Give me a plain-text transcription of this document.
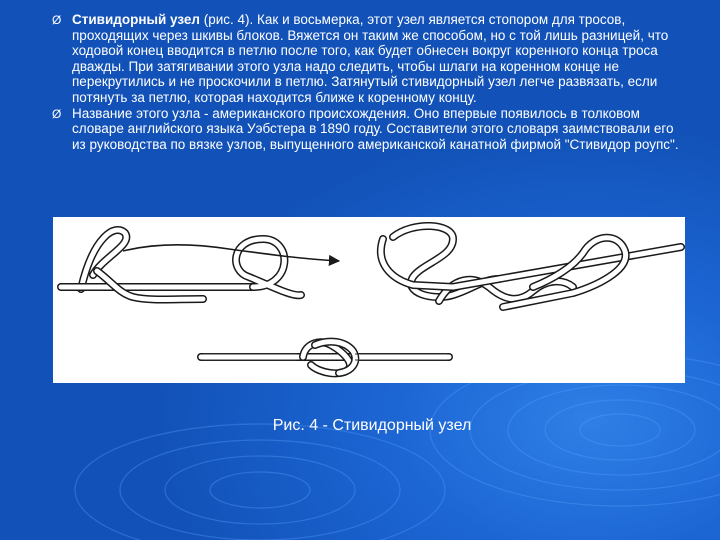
Ø Стивидорный узел (рис. 4). Как и восьмерка, этот узел является стопором для тросов, проходящих через шкивы блоков. Вяжется он таким же способом, но с той лишь разницей, что ходовой конец вводится в петлю после того, как будет обнесен вокруг коренного конца троса дважды. При затягивании этого узла надо следить, чтобы шлаги на коренном конце не перекрутились и не проскочили в петлю. Затянутый стивидорный узел легче развязать, если потянуть за петлю, которая находится ближе к коренному концу.
Ø Название этого узла - американского происхождения. Оно впервые появилось в толковом словаре английского языка Уэбстера в 1890 году. Составители этого словаря заимствовали его из руководства по вязке узлов, выпущенного американской канатной фирмой "Стивидор роупс".
Рис. 4 - Стивидорный узел
